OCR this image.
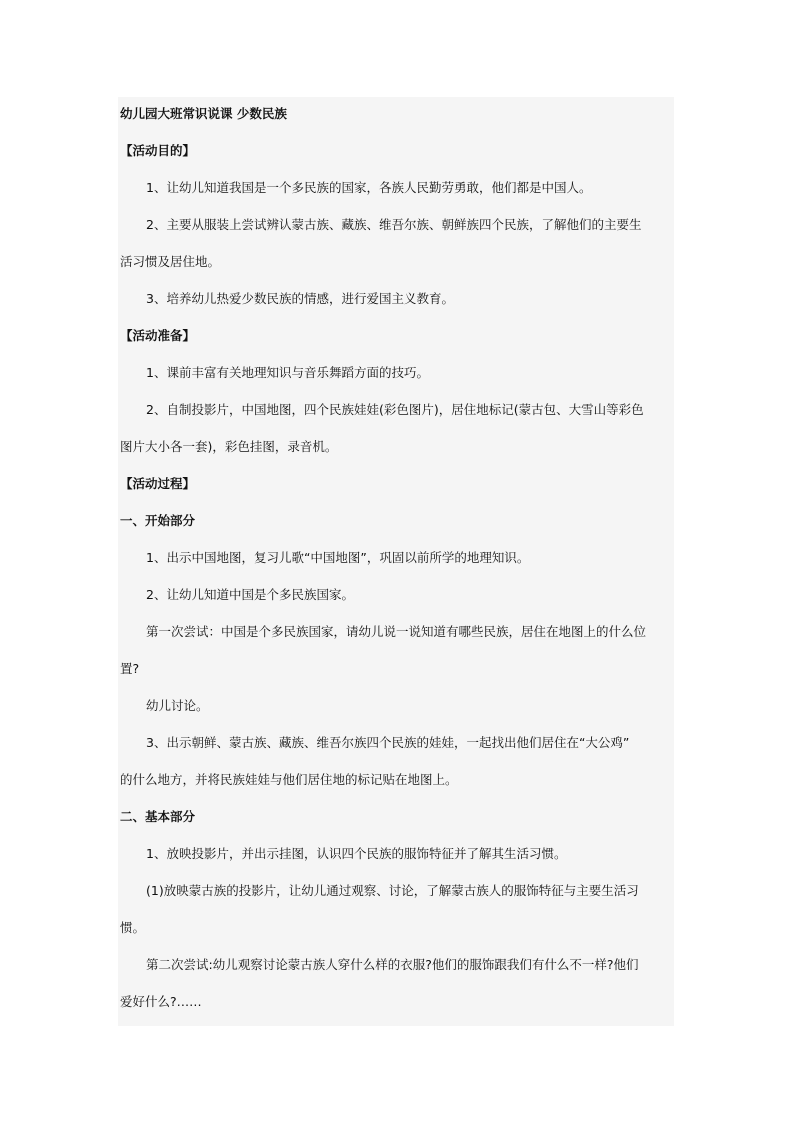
幼儿园大班常识说课 少数民族
【活动目的】
1、让幼儿知道我国是一个多民族的国家，各族人民勤劳勇敢，他们都是中国人。
2、主要从服装上尝试辨认蒙古族、藏族、维吾尔族、朝鲜族四个民族，了解他们的主要生
活习惯及居住地。
3、培养幼儿热爱少数民族的情感，进行爱国主义教育。
【活动准备】
1、课前丰富有关地理知识与音乐舞蹈方面的技巧。
2、自制投影片，中国地图，四个民族娃娃(彩色图片)，居住地标记(蒙古包、大雪山等彩色
图片大小各一套)，彩色挂图，录音机。
【活动过程】
一、开始部分
1、出示中国地图，复习儿歌“中国地图”，巩固以前所学的地理知识。
2、让幼儿知道中国是个多民族国家。
第一次尝试：中国是个多民族国家，请幼儿说一说知道有哪些民族，居住在地图上的什么位
置?
幼儿讨论。
3、出示朝鲜、蒙古族、藏族、维吾尔族四个民族的娃娃，一起找出他们居住在“大公鸡”
的什么地方，并将民族娃娃与他们居住地的标记贴在地图上。
二、基本部分
1、放映投影片，并出示挂图，认识四个民族的服饰特征并了解其生活习惯。
(1)放映蒙古族的投影片，让幼儿通过观察、讨论，了解蒙古族人的服饰特征与主要生活习
惯。
第二次尝试:幼儿观察讨论蒙古族人穿什么样的衣服?他们的服饰跟我们有什么不一样?他们
爱好什么?……
